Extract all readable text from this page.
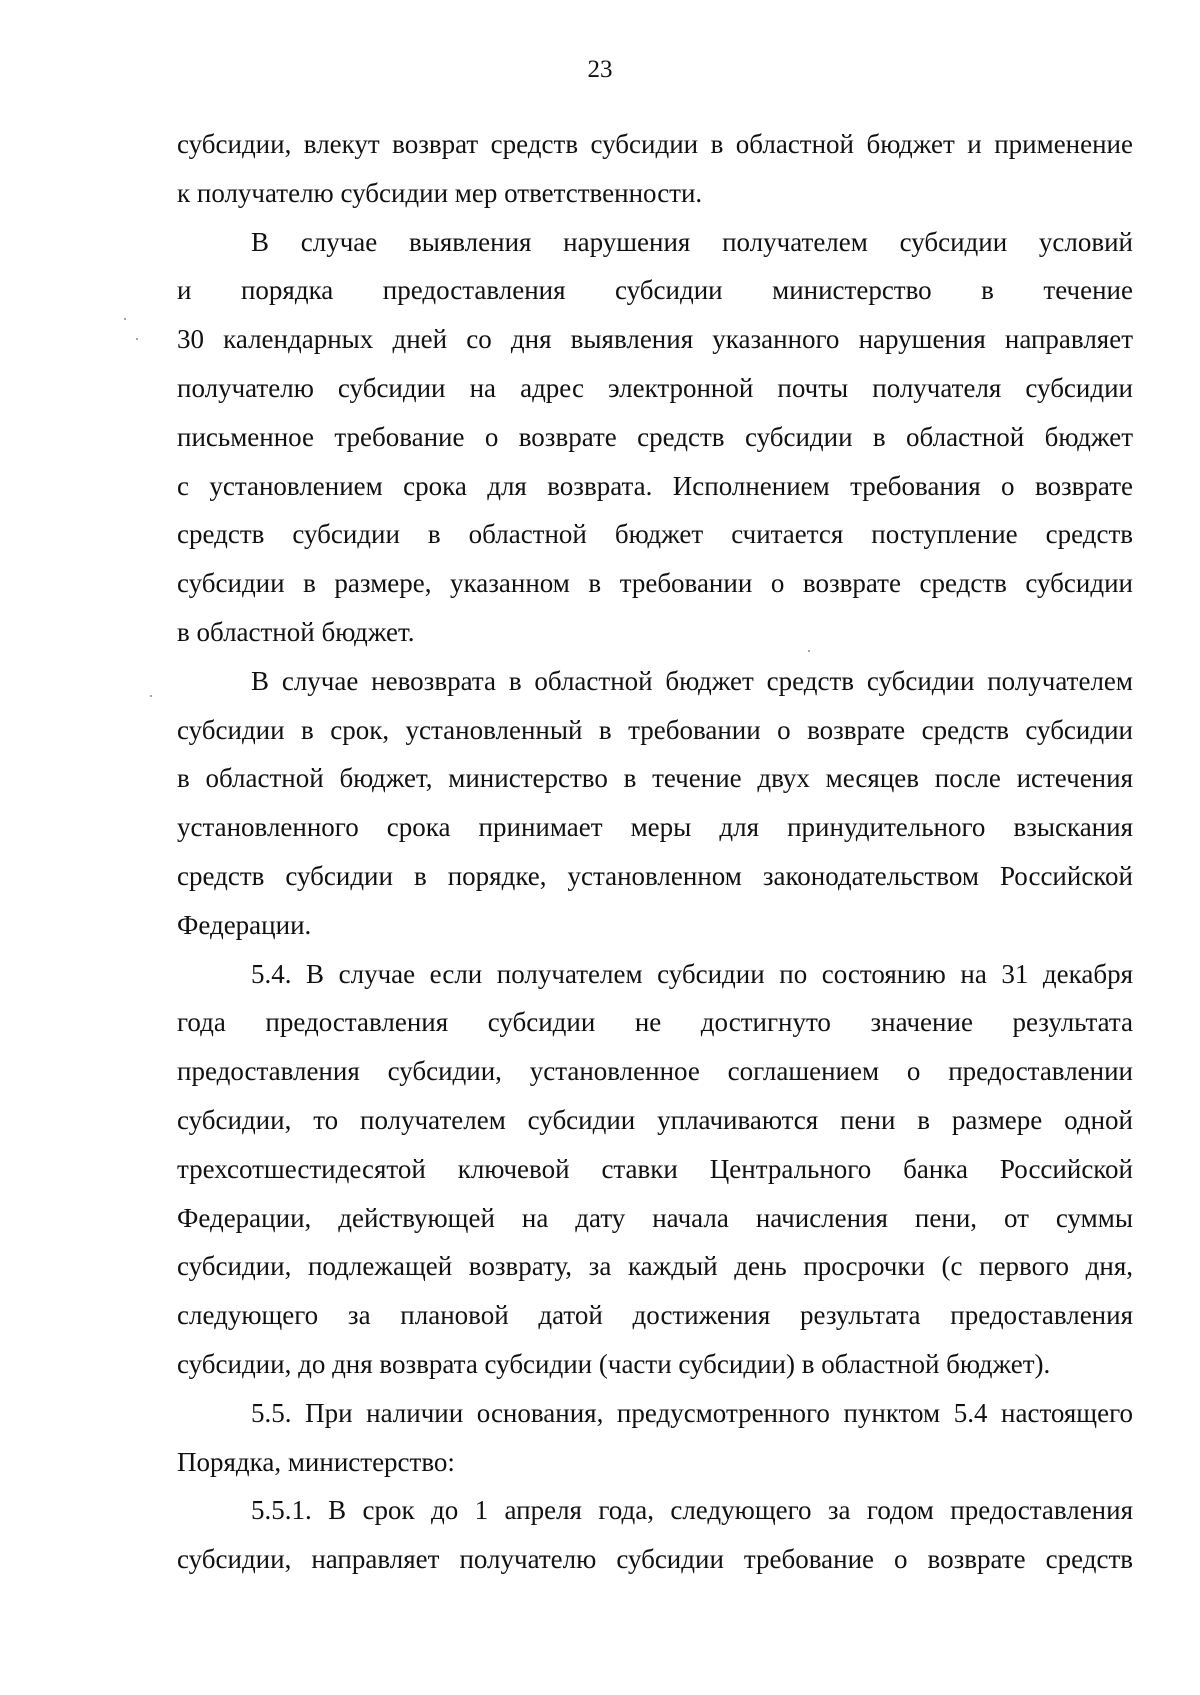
23

субсидии, влекут возврат средств субсидии в областной бюджет и применение
к получателю субсидии мер ответственности.

В случае выявления нарушения получателем субсидии условий
и порядка предоставления субсидии министерство в течение
30 календарных дней со дня выявления указанного нарушения направляет
получателю субсидии на адрес электронной почты получателя субсидии
письменное требование о возврате средств субсидии в областной бюджет
с установлением срока для возврата. Исполнением требования о возврате
средств субсидии в областной бюджет считается поступление средств
субсидии в размере, указанном в требовании о возврате средств субсидии
в областной бюджет.

В случае невозврата в областной бюджет средств субсидии получателем
субсидии в срок, установленный в требовании о возврате средств субсидии
в областной бюджет, министерство в течение двух месяцев после истечения
установленного срока принимает меры для принудительного взыскания
средств субсидии в порядке, установленном законодательством Российской
Федерации.

5.4. В случае если получателем субсидии по состоянию на 31 декабря
года предоставления субсидии не достигнуто значение результата
предоставления субсидии, установленное соглашением о предоставлении
субсидии, то получателем субсидии уплачиваются пени в размере одной
трехсотшестидесятой ключевой ставки Центрального банка Российской
Федерации, действующей на дату начала начисления пени, от суммы
субсидии, подлежащей возврату, за каждый день просрочки (с первого дня,
следующего за плановой датой достижения результата предоставления
субсидии, до дня возврата субсидии (части субсидии) в областной бюджет).

5.5. При наличии основания, предусмотренного пунктом 5.4 настоящего
Порядка, министерство:

5.5.1. В срок до 1 апреля года, следующего за годом предоставления
субсидии, направляет получателю субсидии требование о возврате средств
